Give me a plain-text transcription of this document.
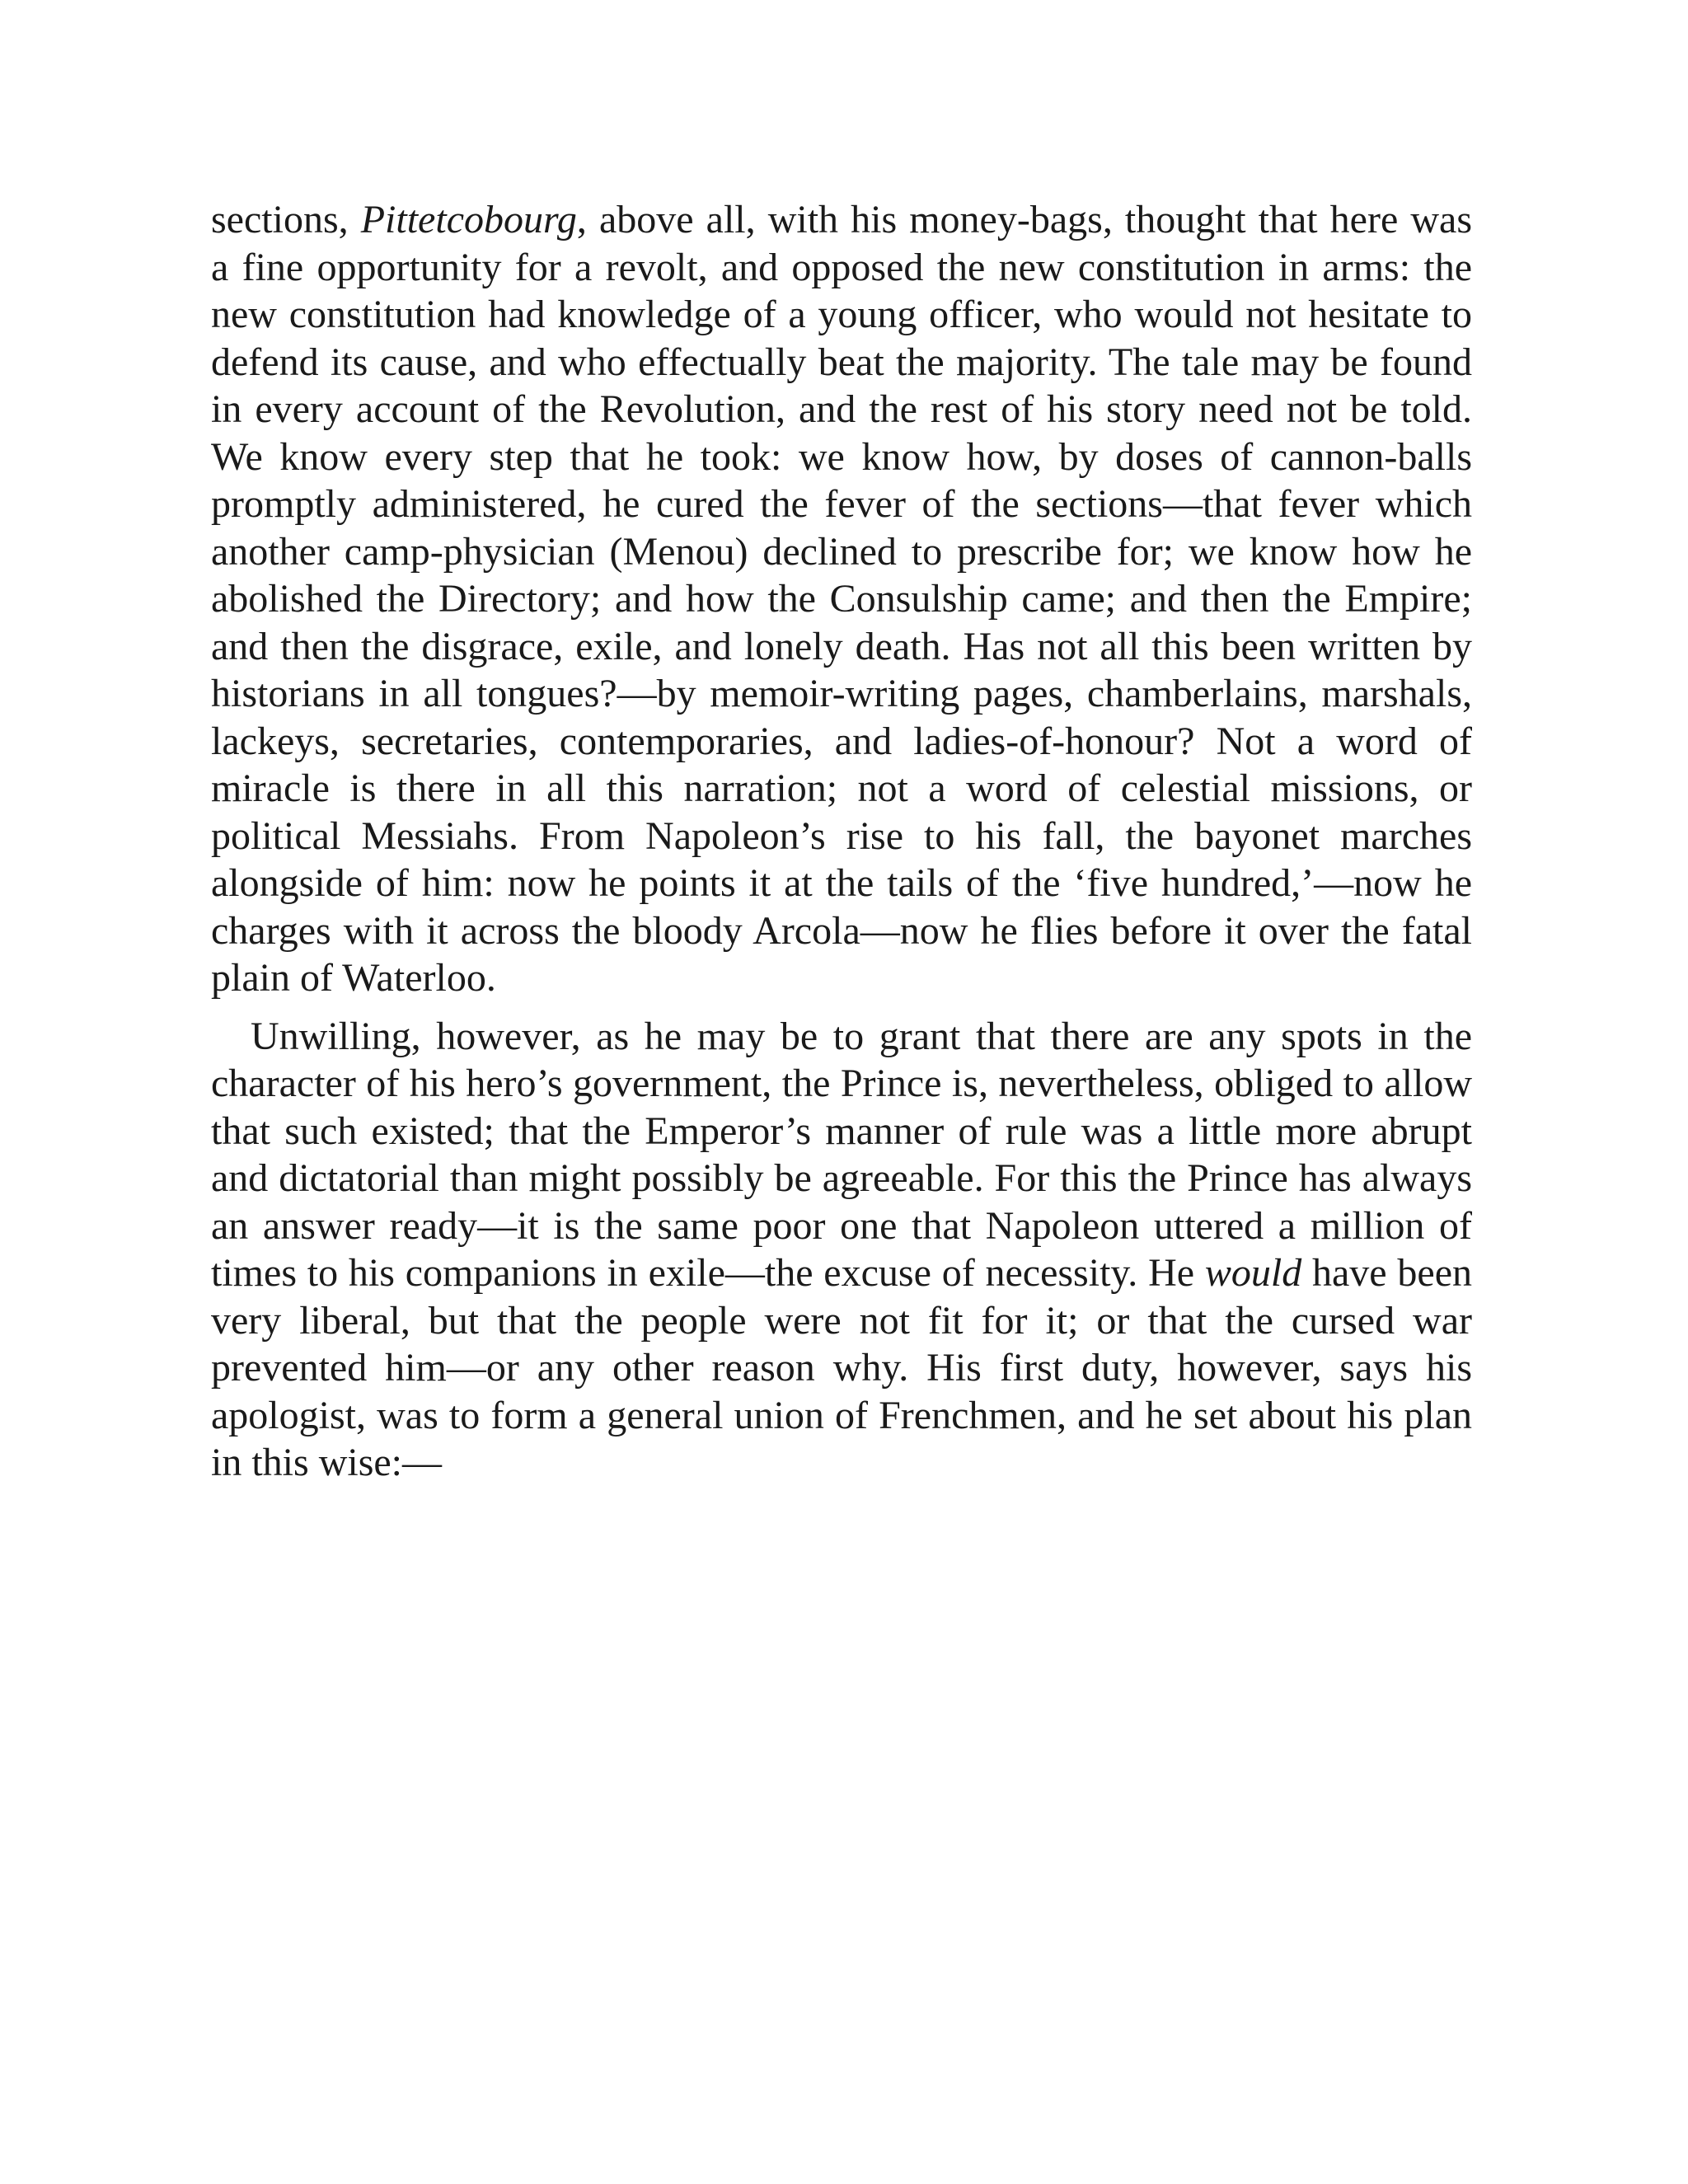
sections, Pittetcobourg, above all, with his money-bags, thought that here was a fine opportunity for a revolt, and opposed the new constitution in arms: the new constitution had knowledge of a young officer, who would not hesitate to defend its cause, and who effectually beat the majority. The tale may be found in every account of the Revolution, and the rest of his story need not be told. We know every step that he took: we know how, by doses of cannon-balls promptly administered, he cured the fever of the sections—that fever which another camp-physician (Menou) declined to prescribe for; we know how he abolished the Directory; and how the Consulship came; and then the Empire; and then the disgrace, exile, and lonely death. Has not all this been written by historians in all tongues?—by memoir-writing pages, chamberlains, marshals, lackeys, secretaries, contemporaries, and ladies-of-honour? Not a word of miracle is there in all this narration; not a word of celestial missions, or political Messiahs. From Napoleon’s rise to his fall, the bayonet marches alongside of him: now he points it at the tails of the ‘five hundred,’—now he charges with it across the bloody Arcola—now he flies before it over the fatal plain of Waterloo.

Unwilling, however, as he may be to grant that there are any spots in the character of his hero’s government, the Prince is, nevertheless, obliged to allow that such existed; that the Emperor’s manner of rule was a little more abrupt and dictatorial than might possibly be agreeable. For this the Prince has always an answer ready—it is the same poor one that Napoleon uttered a million of times to his companions in exile—the excuse of necessity. He would have been very liberal, but that the people were not fit for it; or that the cursed war prevented him—or any other reason why. His first duty, however, says his apologist, was to form a general union of Frenchmen, and he set about his plan in this wise:—
